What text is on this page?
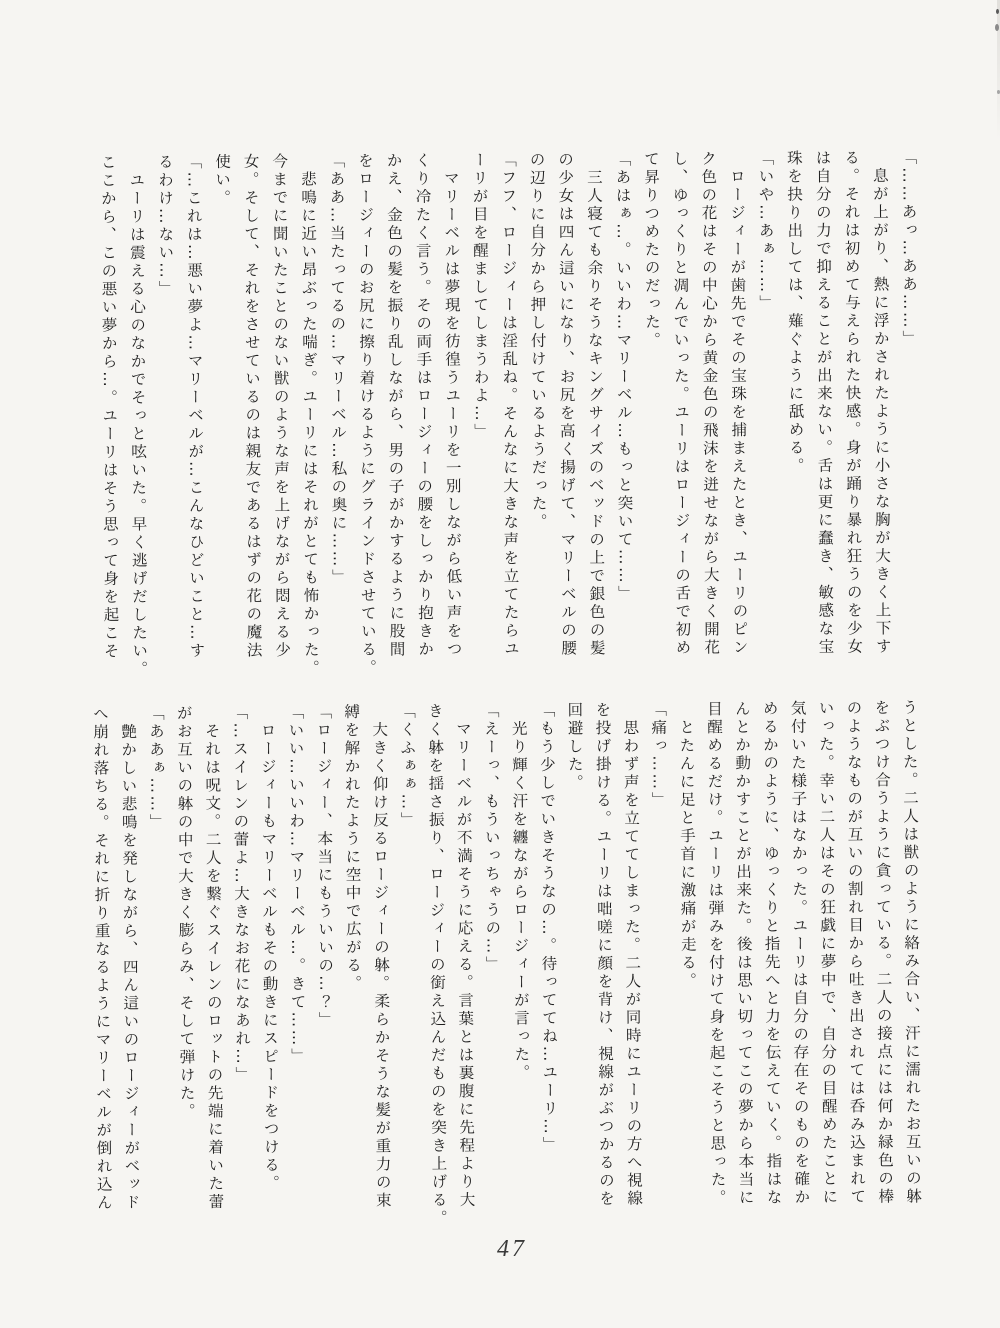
「……あっ…ああ……」
　息が上がり、熱に浮かされたように小さな胸が大きく上下す
る。それは初めて与えられた快感。身が踊り暴れ狂うのを少女
は自分の力で抑えることが出来ない。舌は更に蠢き、敏感な宝
珠を抉り出しては、薙ぐように舐める。
「いや…あぁ……」
　ロージィーが歯先でその宝珠を捕まえたとき、ユーリのピン
ク色の花はその中心から黄金色の飛沫を迸せながら大きく開花
し、ゆっくりと凋んでいった。ユーリはロージィーの舌で初め
て昇りつめたのだった。
「あはぁ…。いいわ…マリーベル…もっと突いて……」
　三人寝ても余りそうなキングサイズのベッドの上で銀色の髪
の少女は四ん這いになり、お尻を高く揚げて、マリーベルの腰
の辺りに自分から押し付けているようだった。
「フフ、ロージィーは淫乱ね。そんなに大きな声を立てたらユ
ーリが目を醒ましてしまうわよ…」
　マリーベルは夢現を彷徨うユーリを一別しながら低い声をつ
くり冷たく言う。その両手はロージィーの腰をしっかり抱きか
かえ、金色の髪を振り乱しながら、男の子がかするように股間
をロージィーのお尻に擦り着けるようにグラインドさせている。
「ああ…当たってるの…マリーベル…私の奥に……」
　悲鳴に近い昂ぶった喘ぎ。ユーリにはそれがとても怖かった。
今までに聞いたことのない獣のような声を上げながら悶える少
女。そして、それをさせているのは親友であるはずの花の魔法
使い。
「…これは…悪い夢よ…マリーベルが…こんなひどいこと…す
るわけ…ない…」
　ユーリは震える心のなかでそっと呟いた。早く逃げだしたい。
ここから、この悪い夢から…。ユーリはそう思って身を起こそ
うとした。二人は獣のように絡み合い、汗に濡れたお互いの躰
をぶつけ合うように貪っている。二人の接点には何か緑色の棒
のようなものが互いの割れ目から吐き出されては呑み込まれて
いった。幸い二人はその狂戯に夢中で、自分の目醒めたことに
気付いた様子はなかった。ユーリは自分の存在そのものを確か
めるかのように、ゆっくりと指先へと力を伝えていく。指はな
んとか動かすことが出来た。後は思い切ってこの夢から本当に
目醒めるだけ。ユーリは弾みを付けて身を起こそうと思った。
　とたんに足と手首に激痛が走る。
「痛っ……」
　思わず声を立ててしまった。二人が同時にユーリの方へ視線
を投げ掛ける。ユーリは咄嗟に顔を背け、視線がぶつかるのを
回避した。
「もう少しでいきそうなの…。待っててね…ユーリ…」
　光り輝く汗を纏ながらロージィーが言った。
「えーっ、もういっちゃうの…」
　マリーベルが不満そうに応える。言葉とは裏腹に先程より大
きく躰を揺さ振り、ロージィーの銜え込んだものを突き上げる。
「くふぁぁ…」
　大きく仰け反るロージィーの躰。柔らかそうな髪が重力の束
縛を解かれたように空中で広がる。
「ロージィー、本当にもういいの…？」
「いい…いいわ…マリーベル…。きて……」
　ロージィーもマリーベルもその動きにスピードをつける。
「…スイレンの蕾よ…大きなお花になあれ…」
　それは呪文。二人を繋ぐスイレンのロットの先端に着いた蕾
がお互いの躰の中で大きく膨らみ、そして弾けた。
「ああぁ……」
　艶かしい悲鳴を発しながら、四ん這いのロージィーがベッド
へ崩れ落ちる。それに折り重なるようにマリーベルが倒れ込ん
47
